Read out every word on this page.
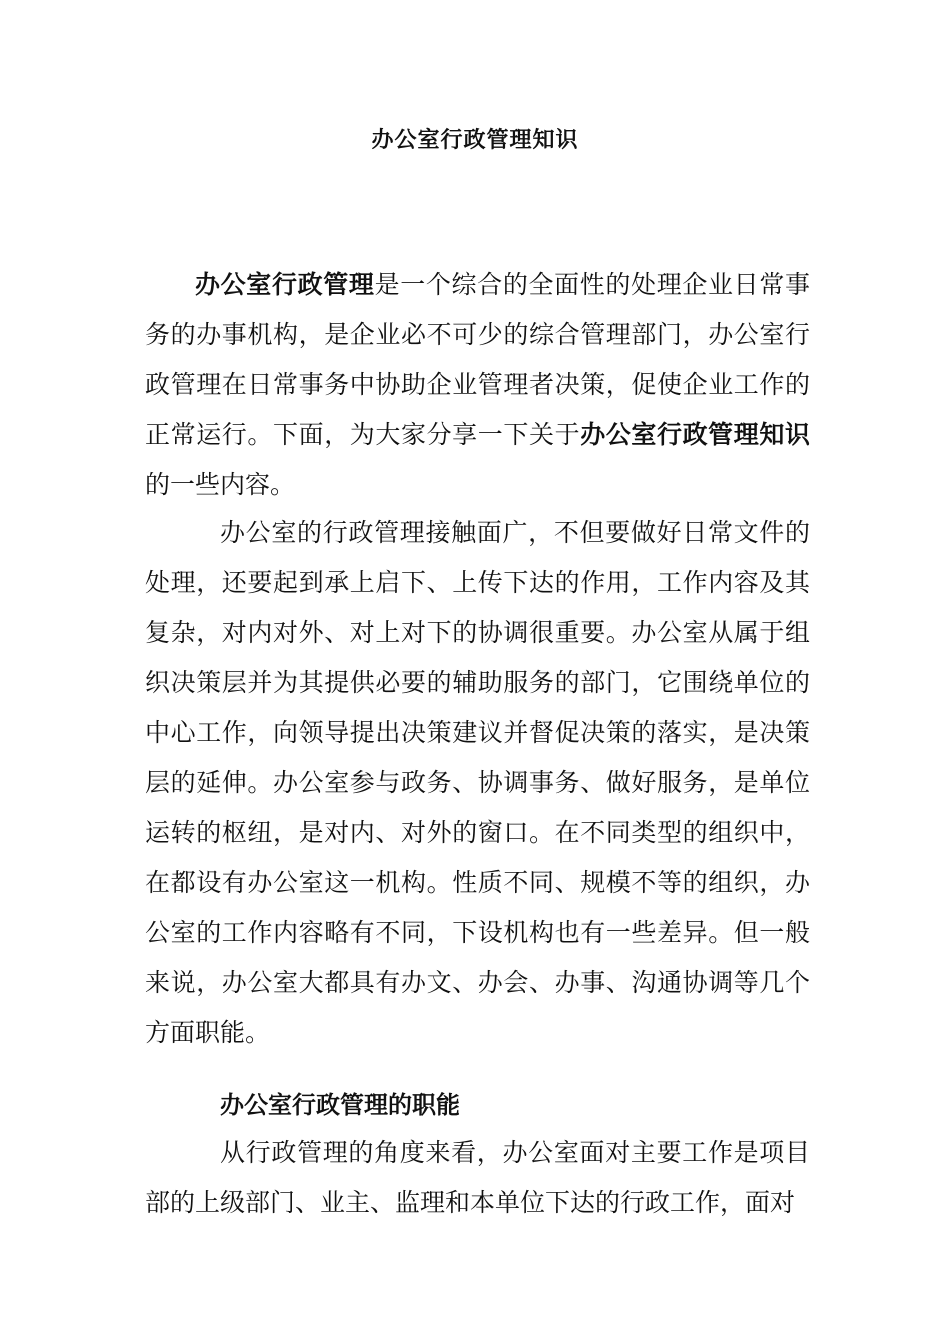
办公室行政管理知识

办公室行政管理是一个综合的全面性的处理企业日常事务的办事机构，是企业必不可少的综合管理部门，办公室行政管理在日常事务中协助企业管理者决策，促使企业工作的正常运行。下面，为大家分享一下关于办公室行政管理知识的一些内容。

办公室的行政管理接触面广，不但要做好日常文件的处理，还要起到承上启下、上传下达的作用，工作内容及其复杂，对内对外、对上对下的协调很重要。办公室从属于组织决策层并为其提供必要的辅助服务的部门，它围绕单位的中心工作，向领导提出决策建议并督促决策的落实，是决策层的延伸。办公室参与政务、协调事务、做好服务，是单位运转的枢纽，是对内、对外的窗口。在不同类型的组织中，在都设有办公室这一机构。性质不同、规模不等的组织，办公室的工作内容略有不同，下设机构也有一些差异。但一般来说，办公室大都具有办文、办会、办事、沟通协调等几个方面职能。

办公室行政管理的职能

从行政管理的角度来看，办公室面对主要工作是项目部的上级部门、业主、监理和本单位下达的行政工作，面对
